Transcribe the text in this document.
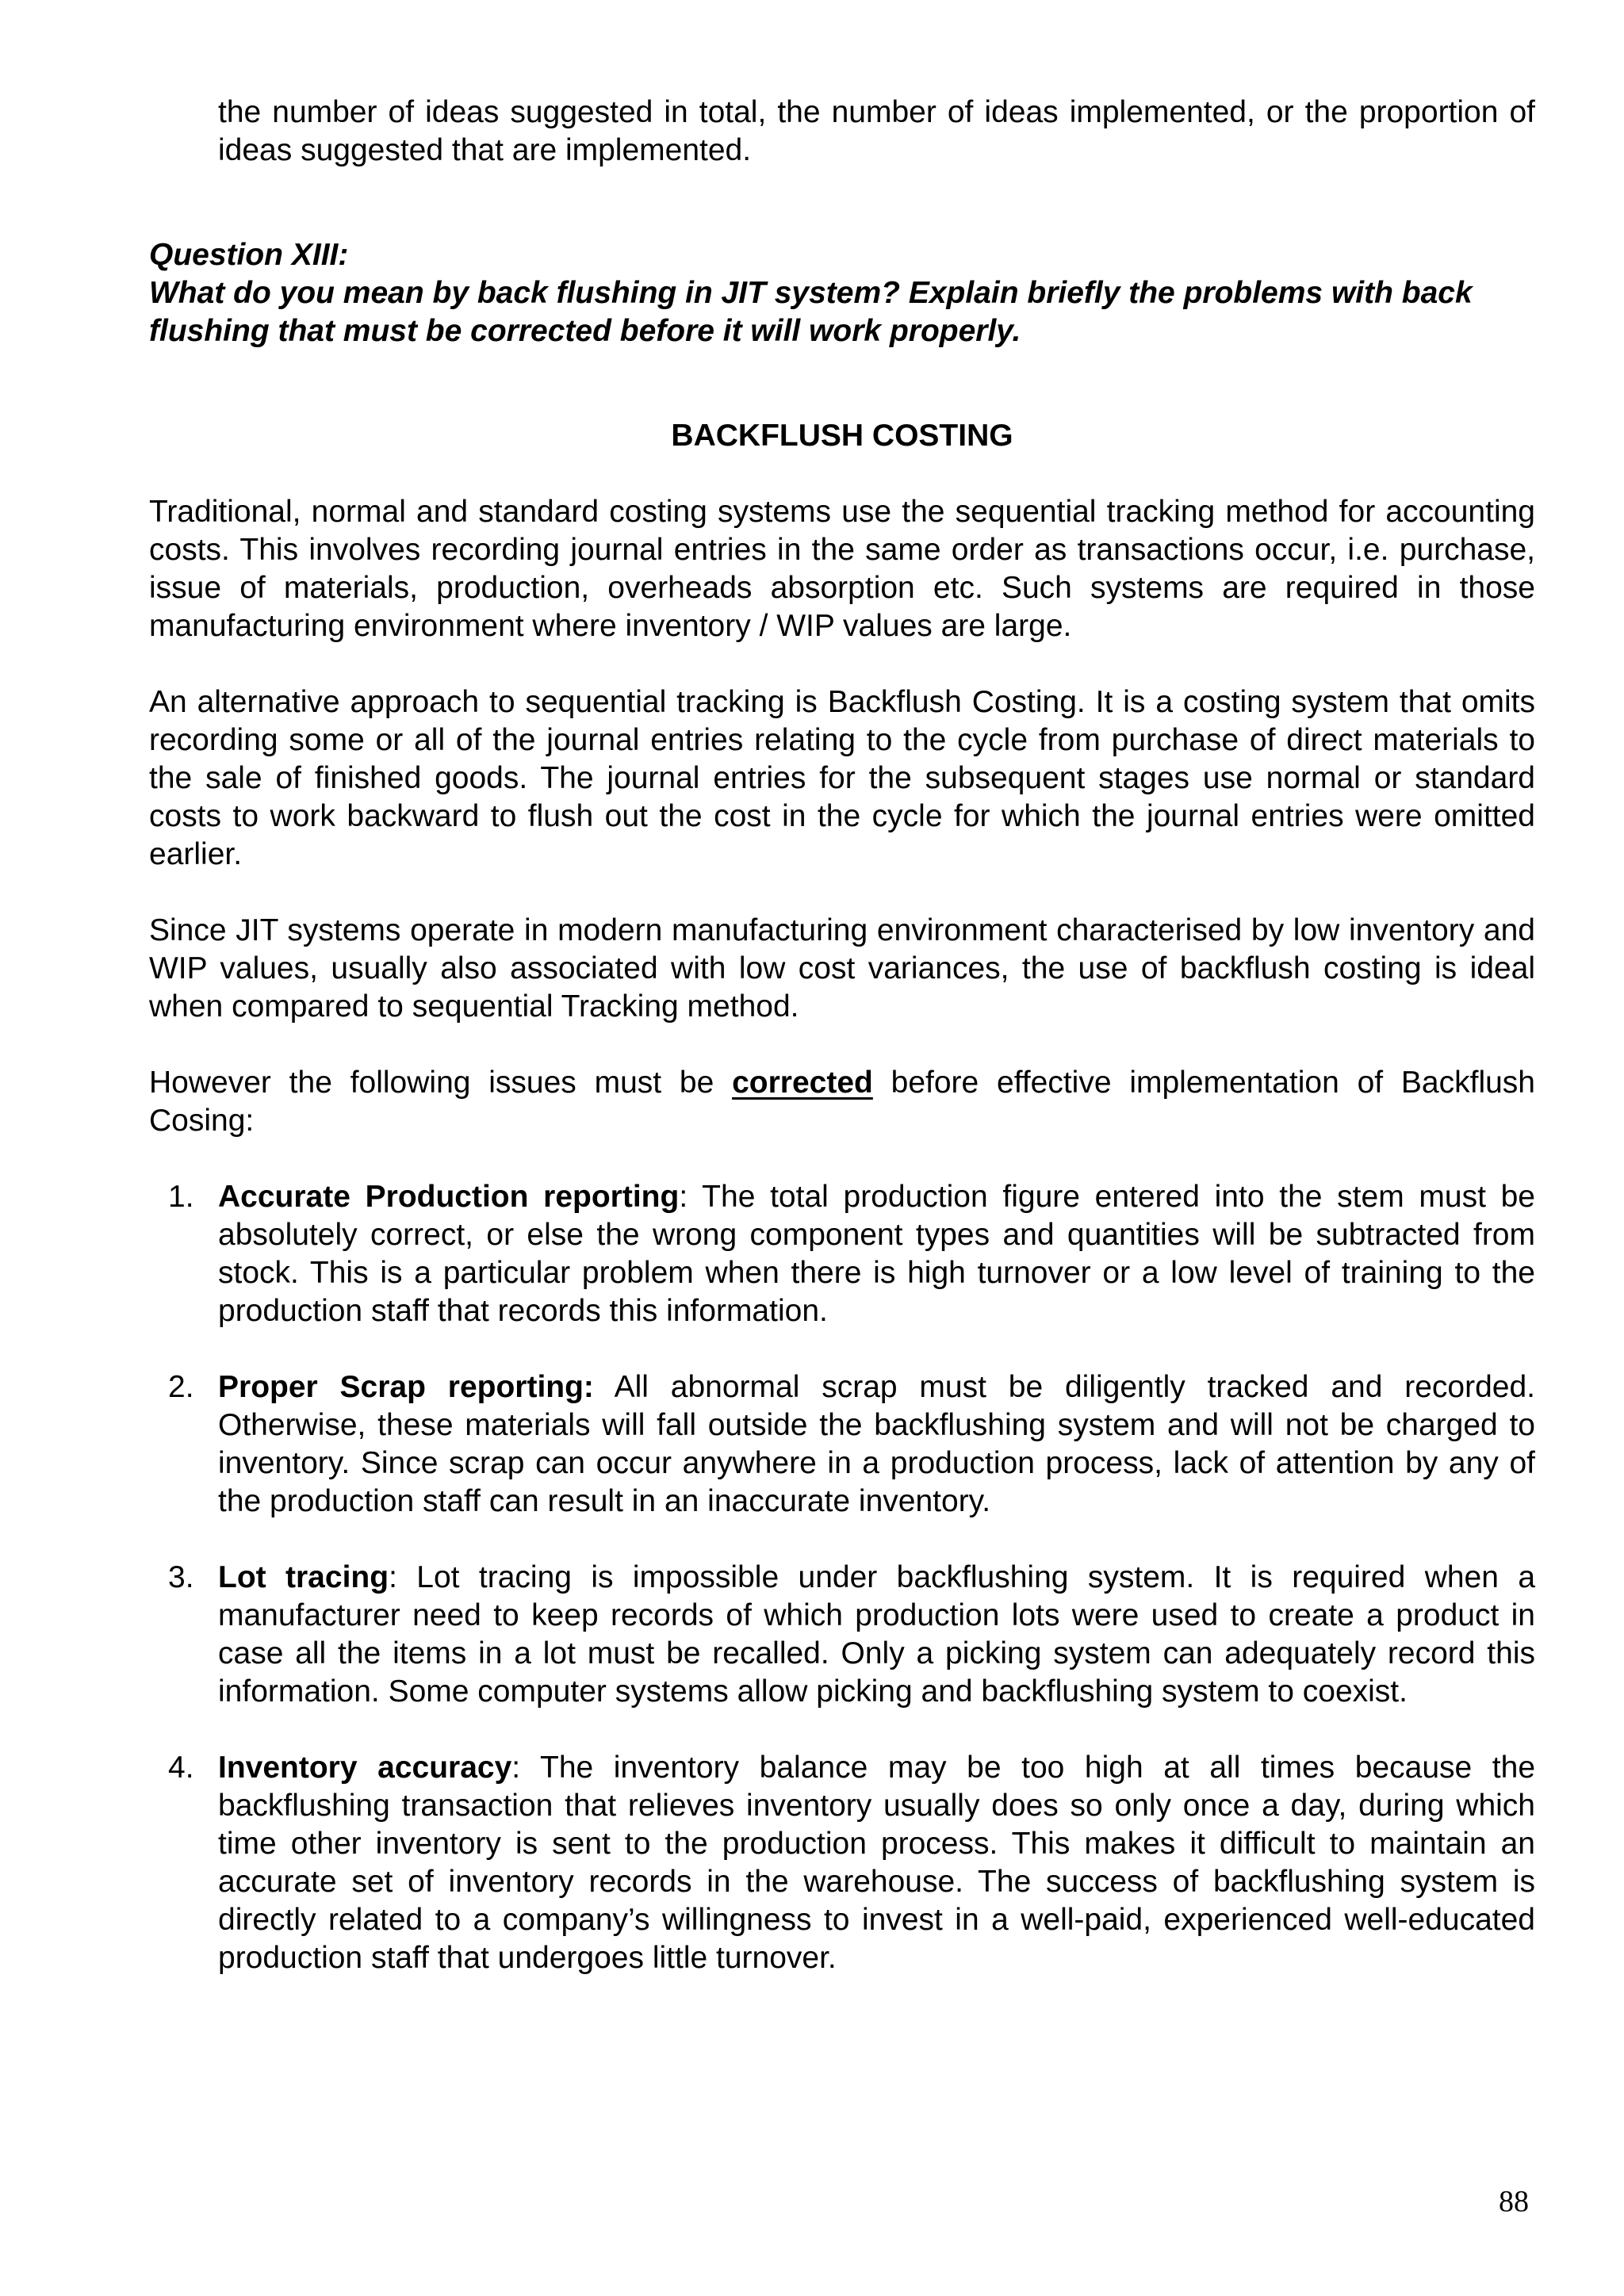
the number of ideas suggested in total, the number of ideas implemented, or the proportion of ideas suggested that are implemented.

Question XIII:

What do you mean by back flushing in JIT system? Explain briefly the problems with back flushing that must be corrected before it will work properly.

BACKFLUSH COSTING

Traditional, normal and standard costing systems use the sequential tracking method for accounting costs. This involves recording journal entries in the same order as transactions occur, i.e. purchase, issue of materials, production, overheads absorption etc. Such systems are required in those manufacturing environment where inventory / WIP values are large.

An alternative approach to sequential tracking is Backflush Costing. It is a costing system that omits recording some or all of the journal entries relating to the cycle from purchase of direct materials to the sale of finished goods. The journal entries for the subsequent stages use normal or standard costs to work backward to flush out the cost in the cycle for which the journal entries were omitted earlier.

Since JIT systems operate in modern manufacturing environment characterised by low inventory and WIP values, usually also associated with low cost variances, the use of backflush costing is ideal when compared to sequential Tracking method.

However the following issues must be corrected before effective implementation of Backflush Cosing:

1. Accurate Production reporting: The total production figure entered into the stem must be absolutely correct, or else the wrong component types and quantities will be subtracted from stock. This is a particular problem when there is high turnover or a low level of training to the production staff that records this information.
2. Proper Scrap reporting: All abnormal scrap must be diligently tracked and recorded. Otherwise, these materials will fall outside the backflushing system and will not be charged to inventory. Since scrap can occur anywhere in a production process, lack of attention by any of the production staff can result in an inaccurate inventory.
3. Lot tracing: Lot tracing is impossible under backflushing system. It is required when a manufacturer need to keep records of which production lots were used to create a product in case all the items in a lot must be recalled. Only a picking system can adequately record this information. Some computer systems allow picking and backflushing system to coexist.
4. Inventory accuracy: The inventory balance may be too high at all times because the backflushing transaction that relieves inventory usually does so only once a day, during which time other inventory is sent to the production process. This makes it difficult to maintain an accurate set of inventory records in the warehouse. The success of backflushing system is directly related to a company’s willingness to invest in a well-paid, experienced well-educated production staff that undergoes little turnover.
88
